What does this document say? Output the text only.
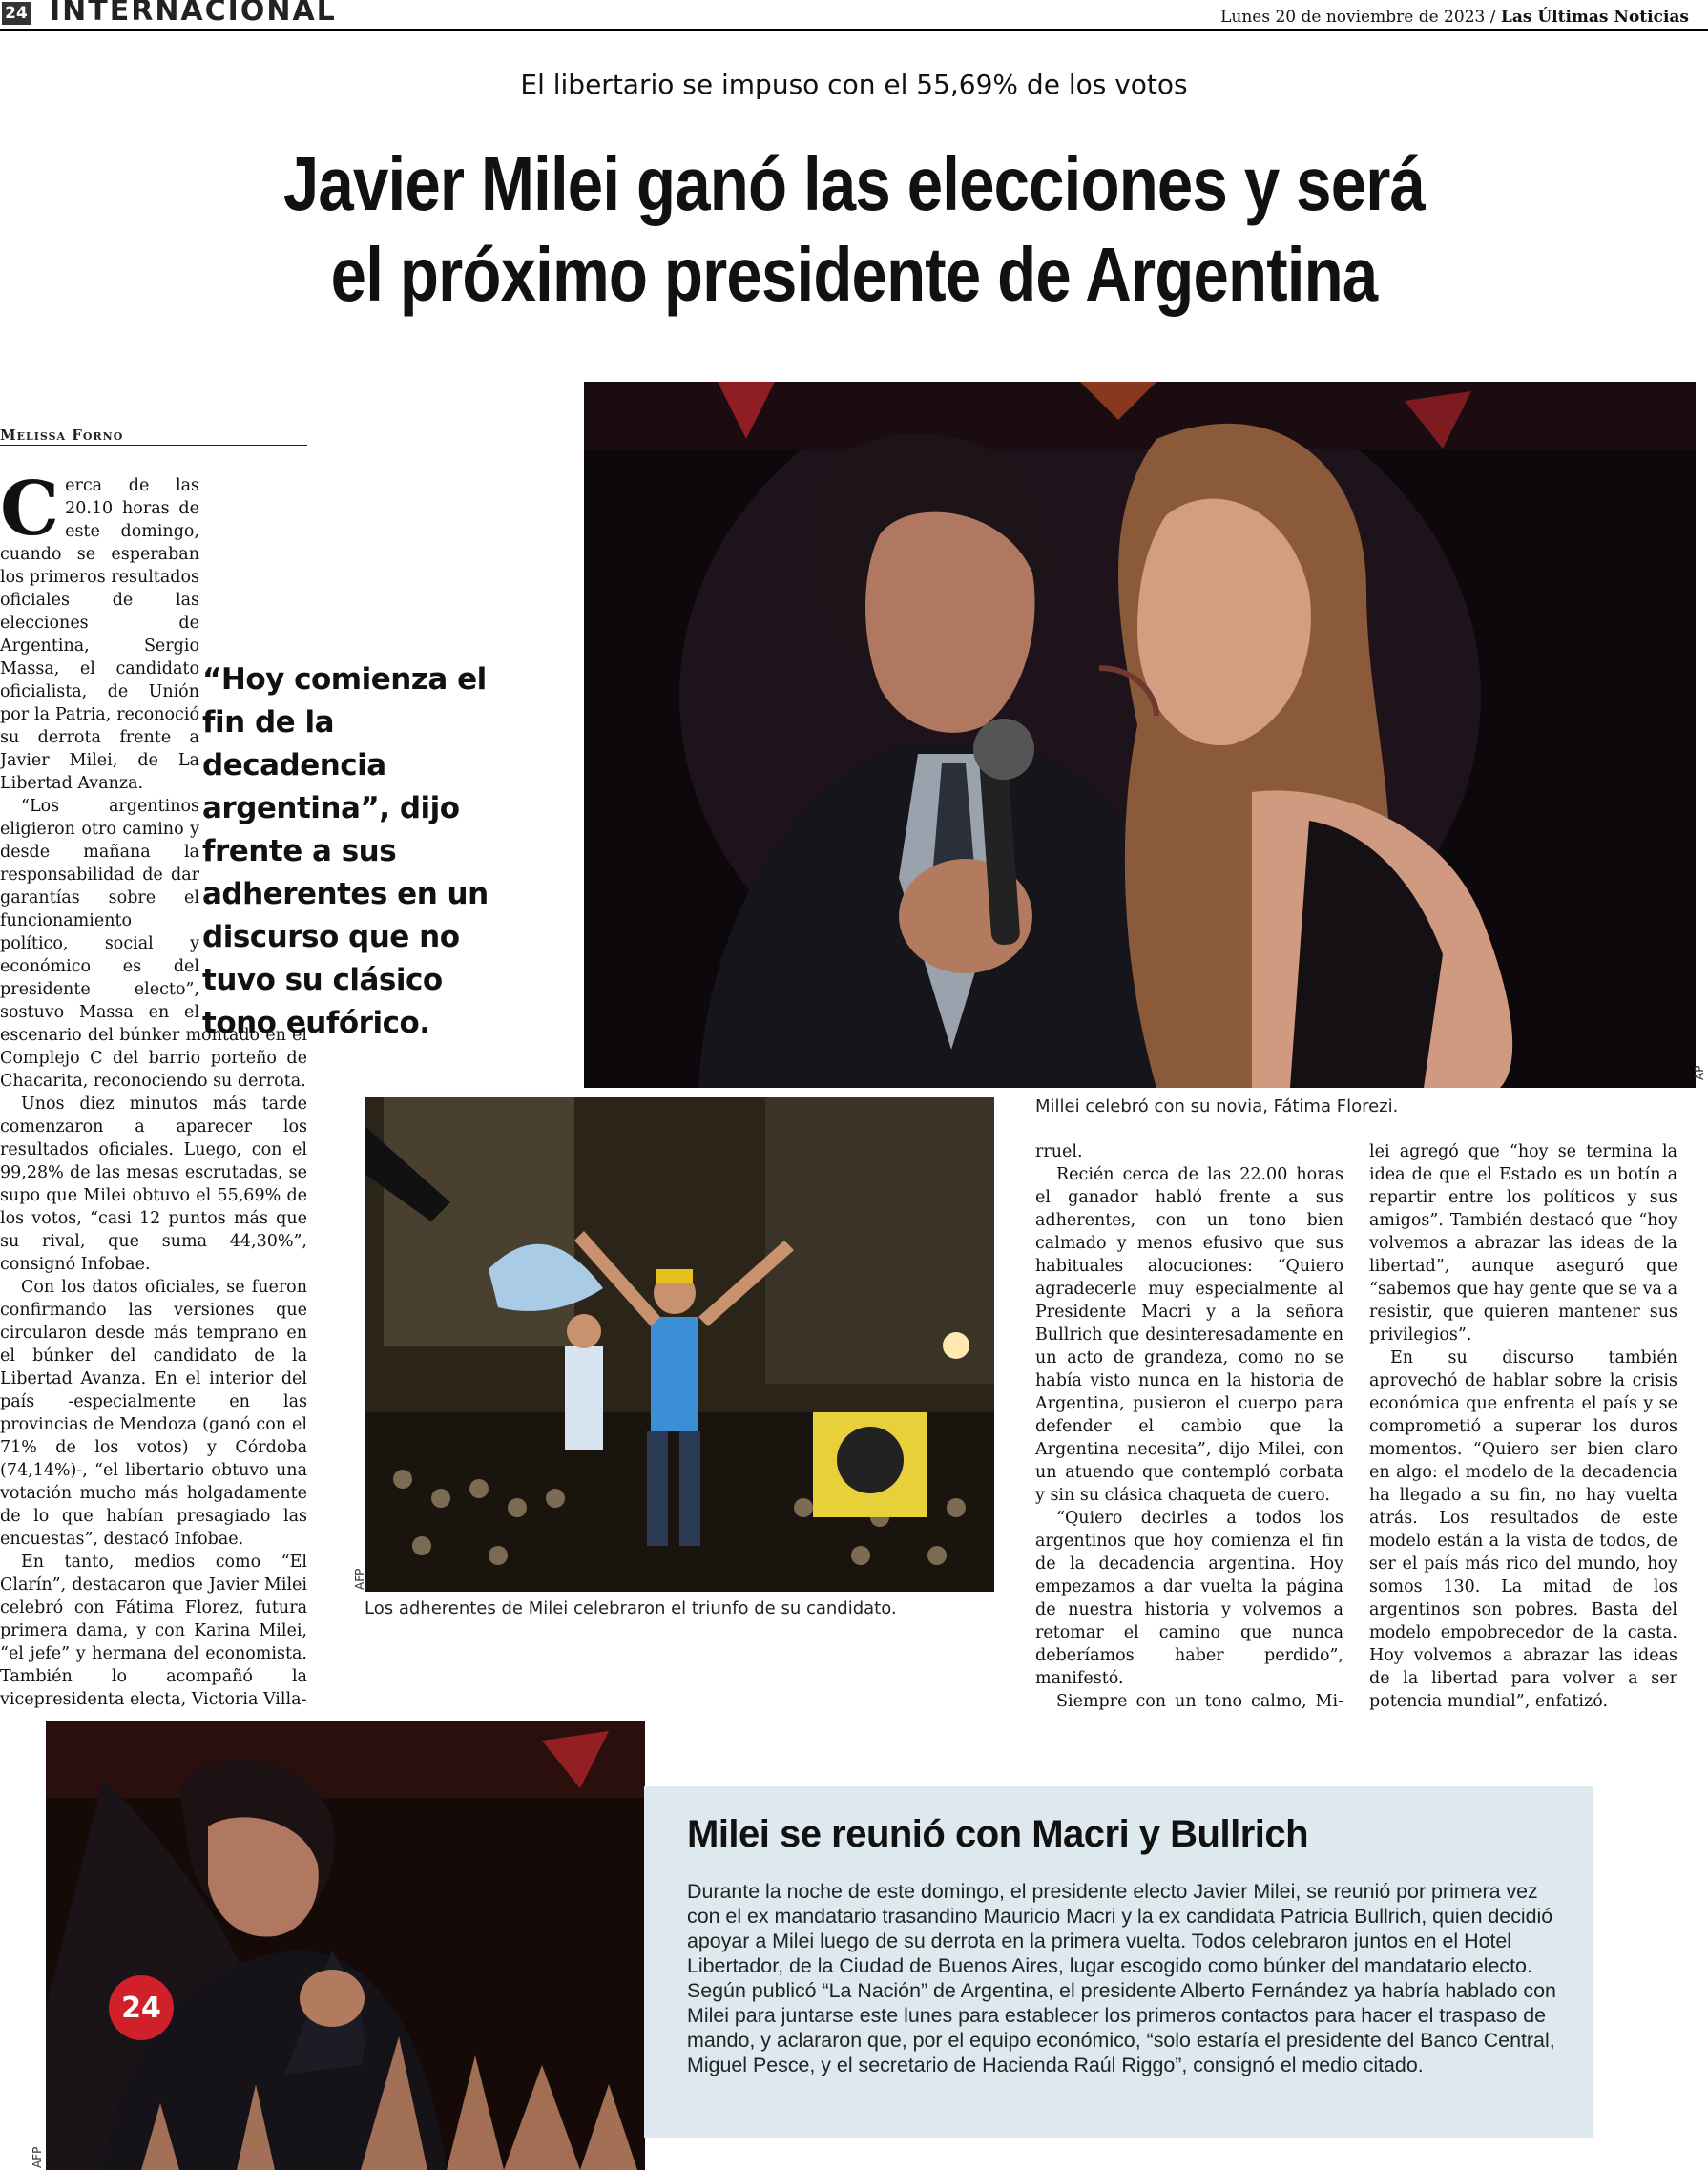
24 INTERNACIONAL	Lunes 20 de noviembre de 2023 / Las Últimas Noticias
El libertario se impuso con el 55,69% de los votos
Javier Milei ganó las elecciones y será
el próximo presidente de Argentina
Melissa Forno

Cerca de las 20.10 horas de este domingo, cuando se esperaban los primeros resultados oficiales de las elecciones de Argentina, Sergio Massa, el candidato oficialista, de Unión por la Patria, reconoció su derrota frente a Javier Milei, de La Libertad Avanza.

“Los argentinos eligieron otro camino y desde mañana la responsabilidad de dar garantías sobre el funcionamiento político, social y económico es del presidente electo”, sostuvo Massa en el escenario del búnker montado en el Complejo C del barrio porteño de Chacarita, reconociendo su derrota.

Unos diez minutos más tarde comenzaron a aparecer los resultados oficiales. Luego, con el 99,28% de las mesas escrutadas, se supo que Milei obtuvo el 55,69% de los votos, “casi 12 puntos más que su rival, que suma 44,30%”, consignó Infobae.

Con los datos oficiales, se fueron confirmando las versiones que circularon desde más temprano en el búnker del candidato de la Libertad Avanza. En el interior del país -especialmente en las provincias de Mendoza (ganó con el 71% de los votos) y Córdoba (74,14%)-, “el libertario obtuvo una votación mucho más holgadamente de lo que habían presagiado las encuestas”, destacó Infobae.

En tanto, medios como “El Clarín”, destacaron que Javier Milei celebró con Fátima Florez, futura primera dama, y con Karina Milei, “el jefe” y hermana del economista. También lo acompañó la vicepresidenta electa, Victoria Villa-

“Hoy comienza el fin de la decadencia argentina”, dijo frente a sus adherentes en un discurso que no tuvo su clásico tono eufórico.
AP
Millei celebró con su novia, Fátima Florezi.
AFP
Los adherentes de Milei celebraron el triunfo de su candidato.

rruel.

Recién cerca de las 22.00 horas el ganador habló frente a sus adherentes, con un tono bien calmado y menos efusivo que sus habituales alocuciones: “Quiero agradecerle muy especialmente al Presidente Macri y a la señora Bullrich que desinteresadamente en un acto de grandeza, como no se había visto nunca en la historia de Argentina, pusieron el cuerpo para defender el cambio que la Argentina necesita”, dijo Milei, con un atuendo que contempló corbata y sin su clásica chaqueta de cuero.

“Quiero decirles a todos los argentinos que hoy comienza el fin de la decadencia argentina. Hoy empezamos a dar vuelta la página de nuestra historia y volvemos a retomar el camino que nunca deberíamos haber perdido”, manifestó.

Siempre con un tono calmo, Mi-

lei agregó que “hoy se termina la idea de que el Estado es un botín a repartir entre los políticos y sus amigos”. También destacó que “hoy volvemos a abrazar las ideas de la libertad”, aunque aseguró que “sabemos que hay gente que se va a resistir, que quieren mantener sus privilegios”.

En su discurso también aprovechó de hablar sobre la crisis económica que enfrenta el país y se comprometió a superar los duros momentos. “Quiero ser bien claro en algo: el modelo de la decadencia ha llegado a su fin, no hay vuelta atrás. Los resultados de este modelo están a la vista de todos, de ser el país más rico del mundo, hoy somos 130. La mitad de los argentinos son pobres. Basta del modelo empobrecedor de la casta. Hoy volvemos a abrazar las ideas de la libertad para volver a ser potencia mundial”, enfatizó.

24
AFP
Milei se reunió con Macri y Bullrich
Durante la noche de este domingo, el presidente electo Javier Milei, se reunió por primera vez con el ex mandatario trasandino Mauricio Macri y la ex candidata Patricia Bullrich, quien decidió apoyar a Milei luego de su derrota en la primera vuelta. Todos celebraron juntos en el Hotel Libertador, de la Ciudad de Buenos Aires, lugar escogido como búnker del mandatario electo. Según publicó “La Nación” de Argentina, el presidente Alberto Fernández ya habría hablado con Milei para juntarse este lunes para establecer los primeros contactos para hacer el traspaso de mando, y aclararon que, por el equipo económico, “solo estaría el presidente del Banco Central, Miguel Pesce, y el secretario de Hacienda Raúl Riggo”, consignó el medio citado.
